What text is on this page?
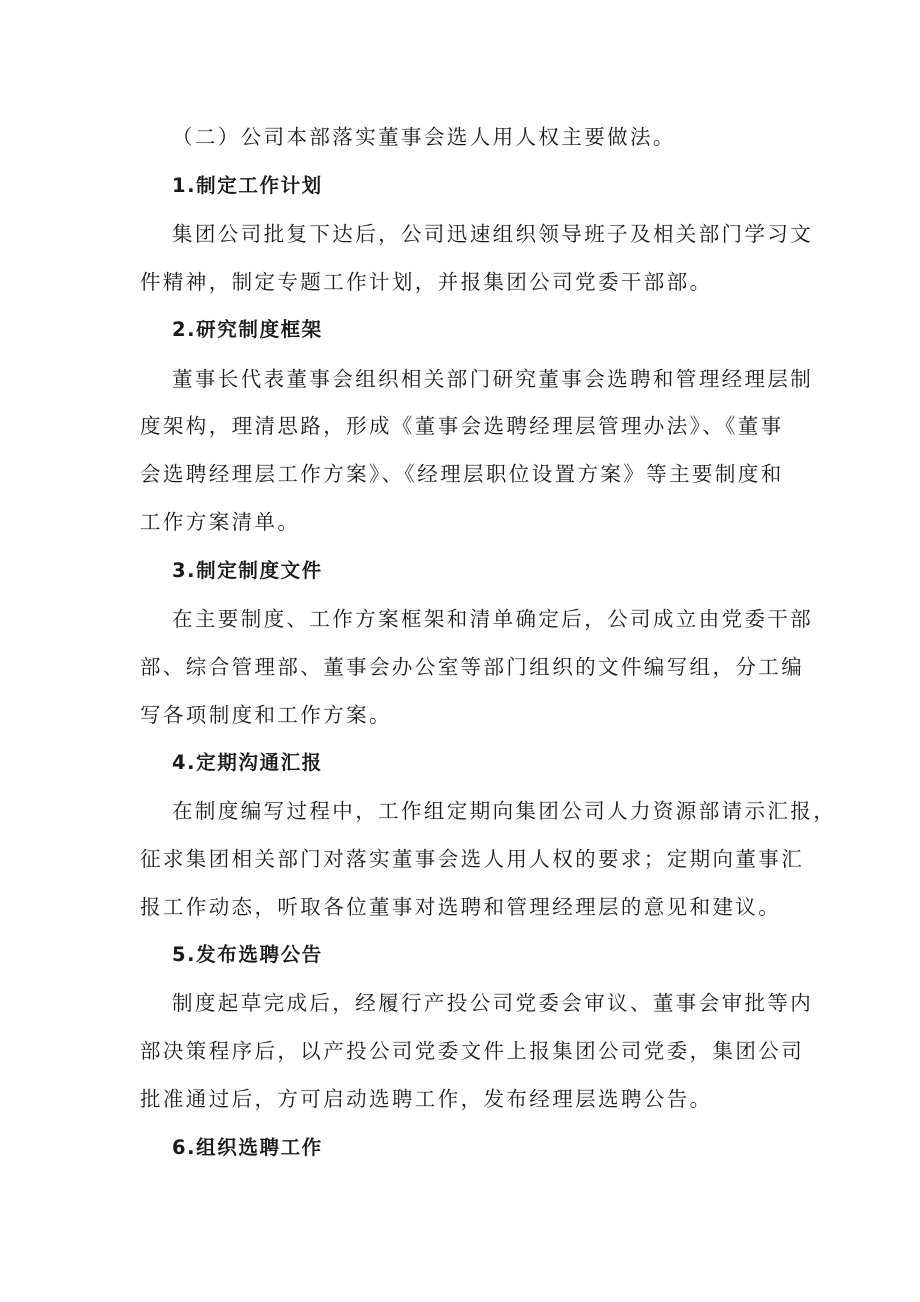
（二）公司本部落实董事会选人用人权主要做法。

1.制定工作计划

集团公司批复下达后，公司迅速组织领导班子及相关部门学习文

件精神，制定专题工作计划，并报集团公司党委干部部。

2.研究制度框架

董事长代表董事会组织相关部门研究董事会选聘和管理经理层制

度架构，理清思路，形成《董事会选聘经理层管理办法》、《董事

会选聘经理层工作方案》、《经理层职位设置方案》等主要制度和

工作方案清单。

3.制定制度文件

在主要制度、工作方案框架和清单确定后，公司成立由党委干部

部、综合管理部、董事会办公室等部门组织的文件编写组，分工编

写各项制度和工作方案。

4.定期沟通汇报

在制度编写过程中，工作组定期向集团公司人力资源部请示汇报，

征求集团相关部门对落实董事会选人用人权的要求；定期向董事汇

报工作动态，听取各位董事对选聘和管理经理层的意见和建议。

5.发布选聘公告

制度起草完成后，经履行产投公司党委会审议、董事会审批等内

部决策程序后，以产投公司党委文件上报集团公司党委，集团公司

批准通过后，方可启动选聘工作，发布经理层选聘公告。

6.组织选聘工作
